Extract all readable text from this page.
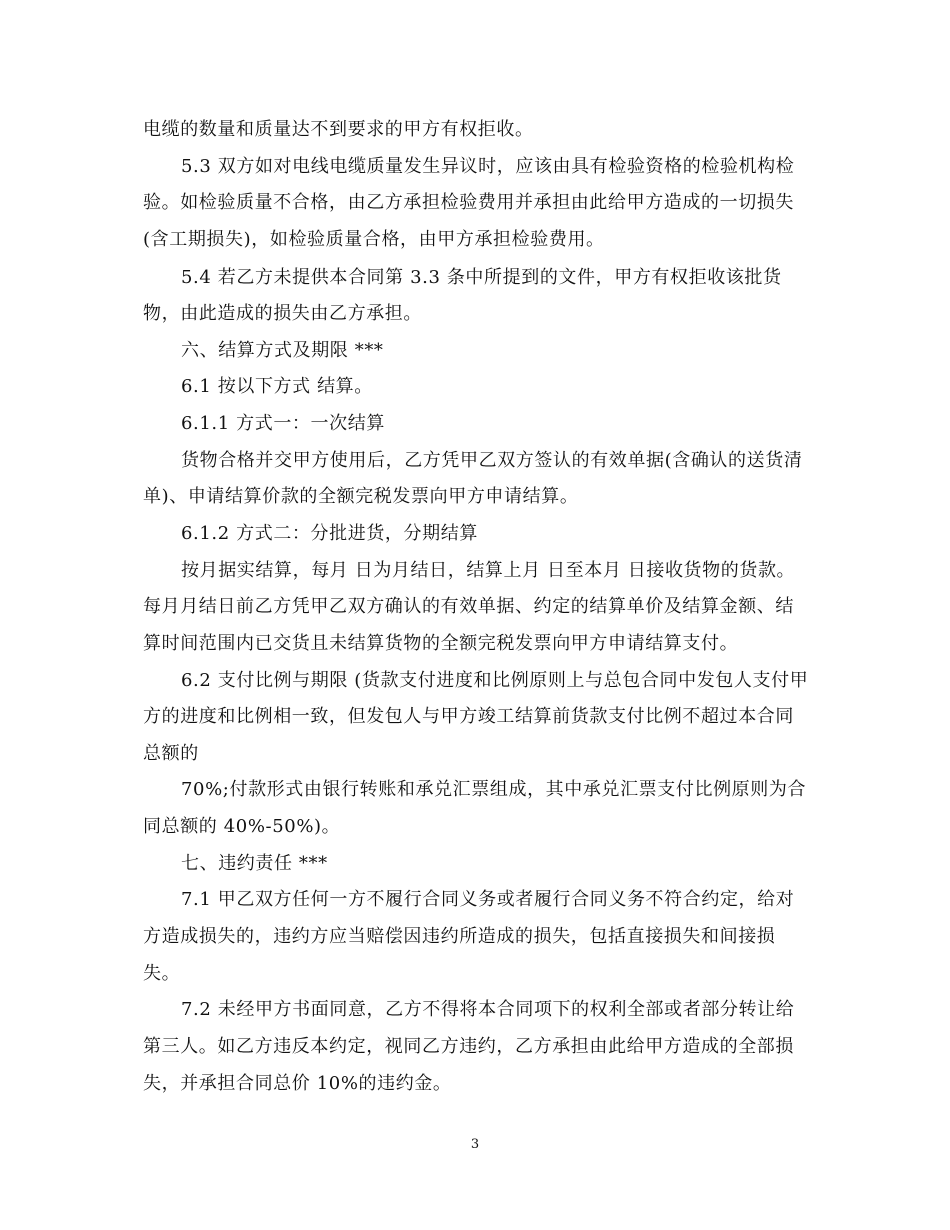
电缆的数量和质量达不到要求的甲方有权拒收。
5.3 双方如对电线电缆质量发生异议时，应该由具有检验资格的检验机构检
验。如检验质量不合格，由乙方承担检验费用并承担由此给甲方造成的一切损失
(含工期损失)，如检验质量合格，由甲方承担检验费用。
5.4 若乙方未提供本合同第 3.3 条中所提到的文件，甲方有权拒收该批货
物，由此造成的损失由乙方承担。
六、结算方式及期限 ***
6.1 按以下方式 结算。
6.1.1 方式一：一次结算
货物合格并交甲方使用后，乙方凭甲乙双方签认的有效单据(含确认的送货清
单)、申请结算价款的全额完税发票向甲方申请结算。
6.1.2 方式二：分批进货，分期结算
按月据实结算，每月 日为月结日，结算上月 日至本月 日接收货物的货款。
每月月结日前乙方凭甲乙双方确认的有效单据、约定的结算单价及结算金额、结
算时间范围内已交货且未结算货物的全额完税发票向甲方申请结算支付。
6.2 支付比例与期限 (货款支付进度和比例原则上与总包合同中发包人支付甲
方的进度和比例相一致，但发包人与甲方竣工结算前货款支付比例不超过本合同
总额的
70%;付款形式由银行转账和承兑汇票组成，其中承兑汇票支付比例原则为合
同总额的 40%-50%)。
七、违约责任 ***
7.1 甲乙双方任何一方不履行合同义务或者履行合同义务不符合约定，给对
方造成损失的，违约方应当赔偿因违约所造成的损失，包括直接损失和间接损
失。
7.2 未经甲方书面同意，乙方不得将本合同项下的权利全部或者部分转让给
第三人。如乙方违反本约定，视同乙方违约，乙方承担由此给甲方造成的全部损
失，并承担合同总价 10%的违约金。
3
